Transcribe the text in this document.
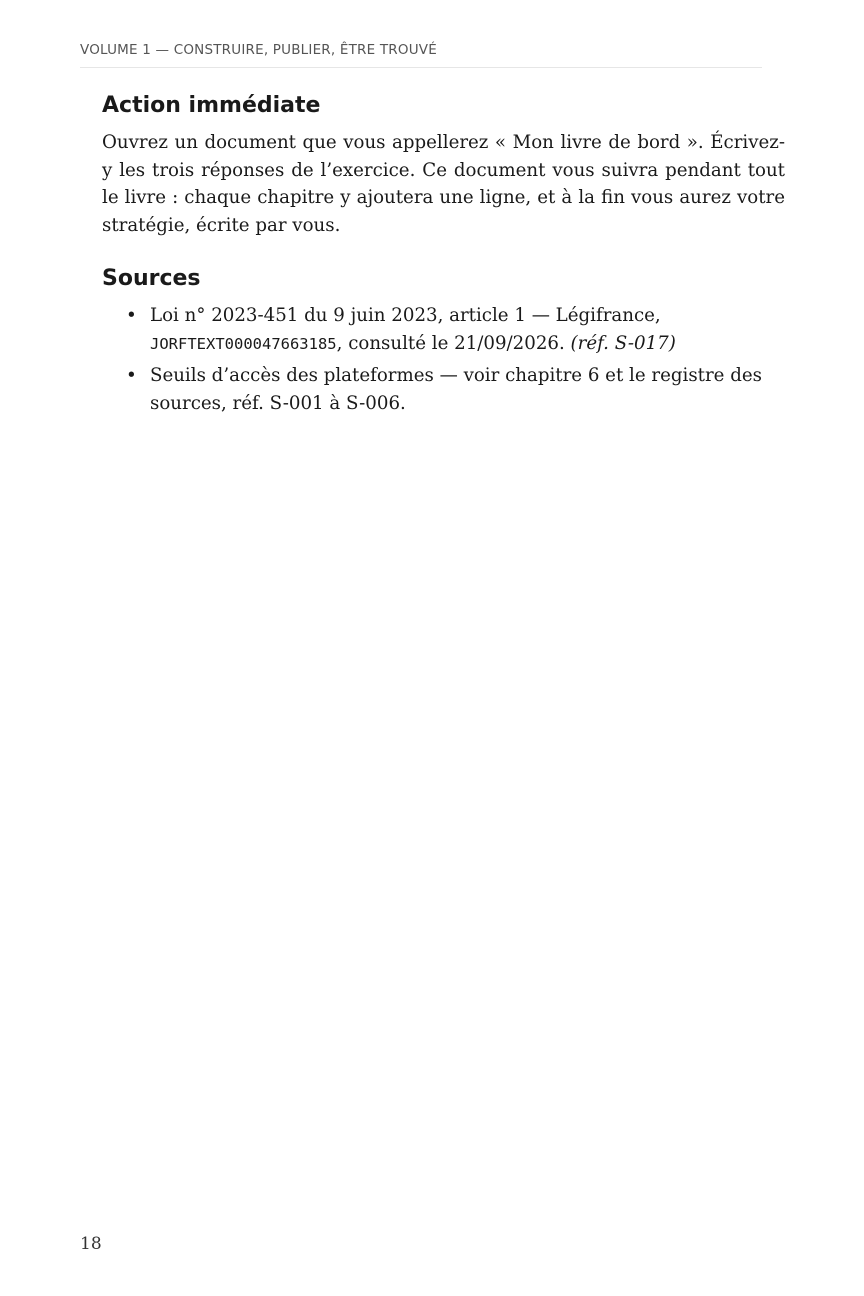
VOLUME 1 — CONSTRUIRE, PUBLIER, ÊTRE TROUVÉ
Action immédiate

Ouvrez un document que vous appellerez « Mon livre de bord ». Écrivez-y les trois réponses de l’exercice. Ce document vous suivra pendant tout le livre : chaque chapitre y ajoutera une ligne, et à la fin vous aurez votre stratégie, écrite par vous.

Sources
• Loi n° 2023-451 du 9 juin 2023, article 1 — Légifrance, JORFTEXT000047663185, consulté le 21/09/2026. (réf. S-017)
• Seuils d’accès des plateformes — voir chapitre 6 et le registre des sources, réf. S-001 à S-006.
18
